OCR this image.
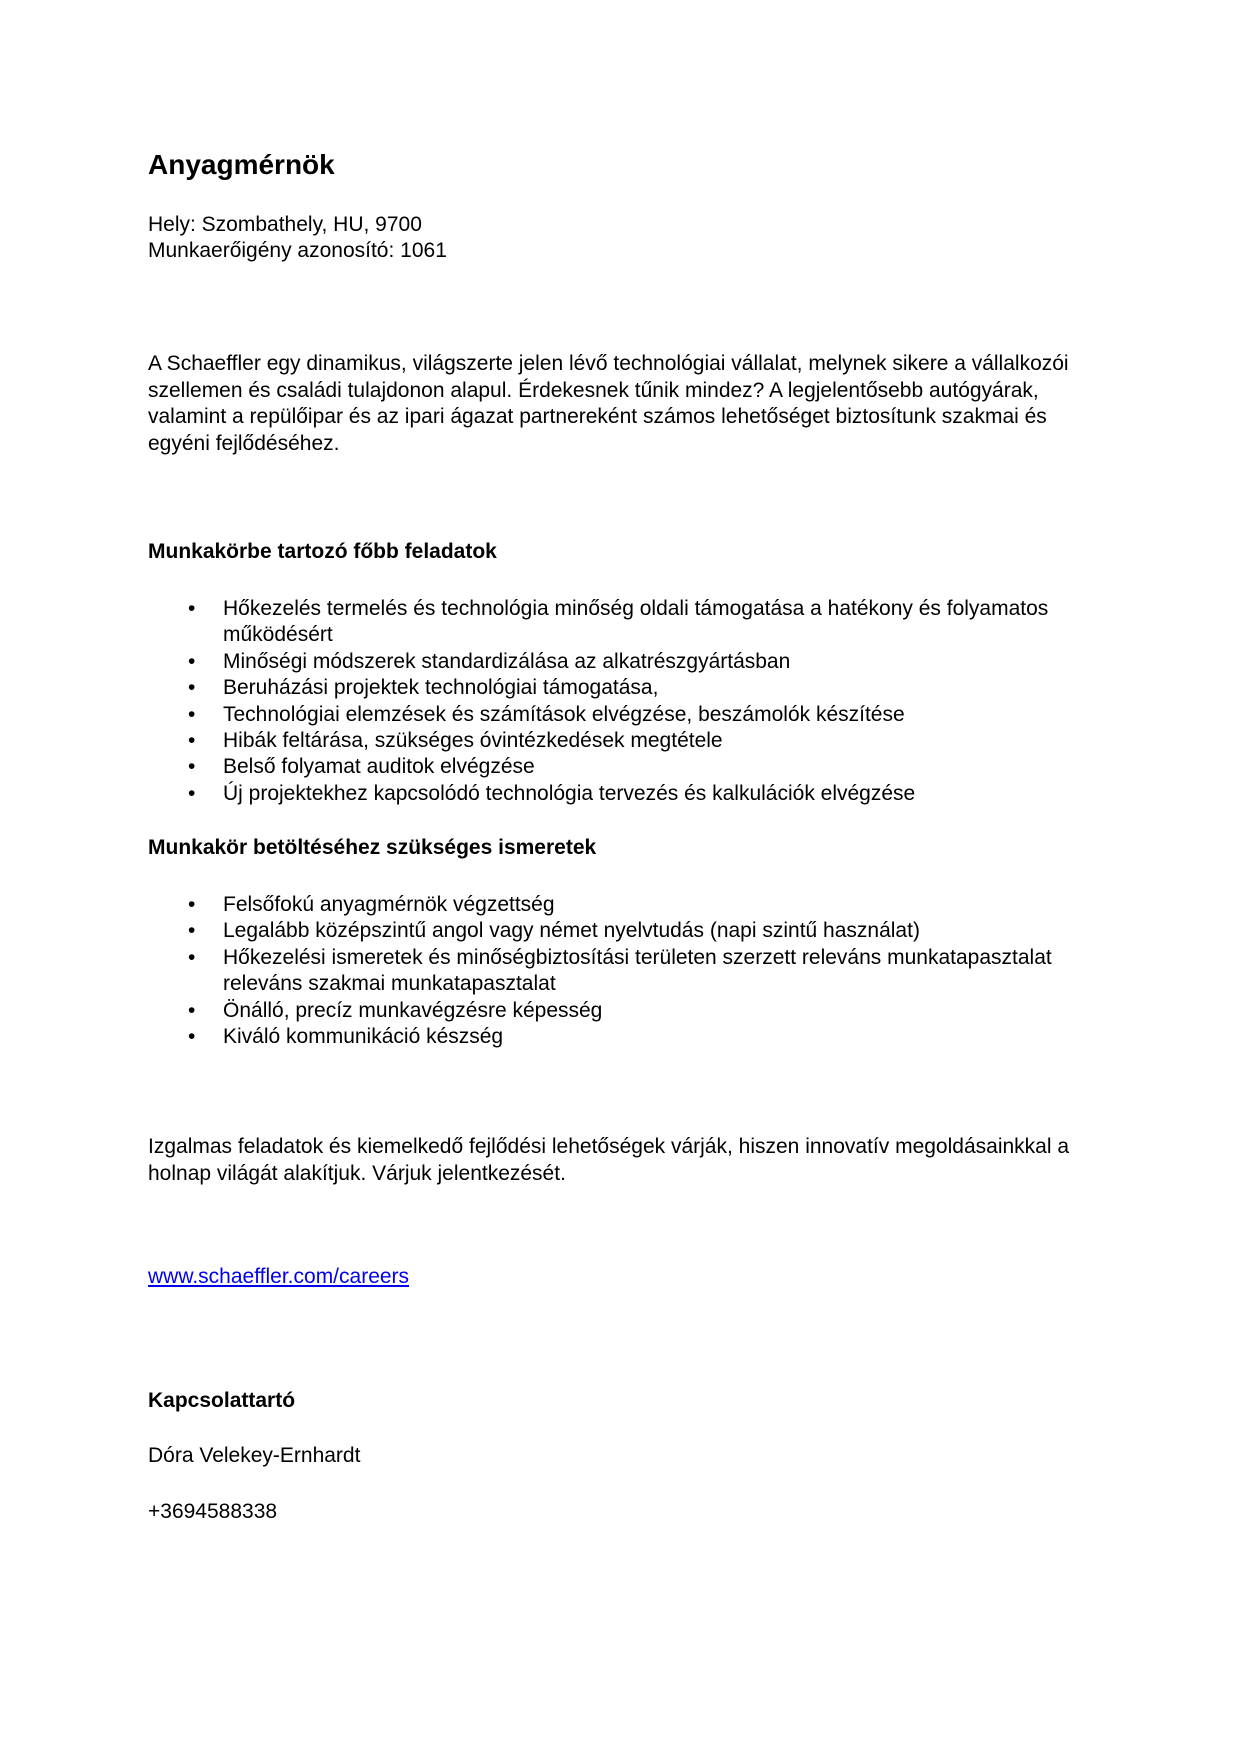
Anyagmérnök
Hely: Szombathely, HU, 9700
Munkaerőigény azonosító: 1061

A Schaeffler egy dinamikus, világszerte jelen lévő technológiai vállalat, melynek sikere a vállalkozói szellemen és családi tulajdonon alapul. Érdekesnek tűnik mindez? A legjelentősebb autógyárak, valamint a repülőipar és az ipari ágazat partnereként számos lehetőséget biztosítunk szakmai és egyéni fejlődéséhez.

Munkakörbe tartozó főbb feladatok
• Hőkezelés termelés és technológia minőség oldali támogatása a hatékony és folyamatos működésért
• Minőségi módszerek standardizálása az alkatrészgyártásban
• Beruházási projektek technológiai támogatása,
• Technológiai elemzések és számítások elvégzése, beszámolók készítése
• Hibák feltárása, szükséges óvintézkedések megtétele
• Belső folyamat auditok elvégzése
• Új projektekhez kapcsolódó technológia tervezés és kalkulációk elvégzése
Munkakör betöltéséhez szükséges ismeretek
• Felsőfokú anyagmérnök végzettség
• Legalább középszintű angol vagy német nyelvtudás (napi szintű használat)
• Hőkezelési ismeretek és minőségbiztosítási területen szerzett releváns munkatapasztalat releváns szakmai munkatapasztalat
• Önálló, precíz munkavégzésre képesség
• Kiváló kommunikáció készség

Izgalmas feladatok és kiemelkedő fejlődési lehetőségek várják, hiszen innovatív megoldásainkkal a holnap világát alakítjuk. Várjuk jelentkezését.

www.schaeffler.com/careers
Kapcsolattartó
Dóra Velekey-Ernhardt
+3694588338
